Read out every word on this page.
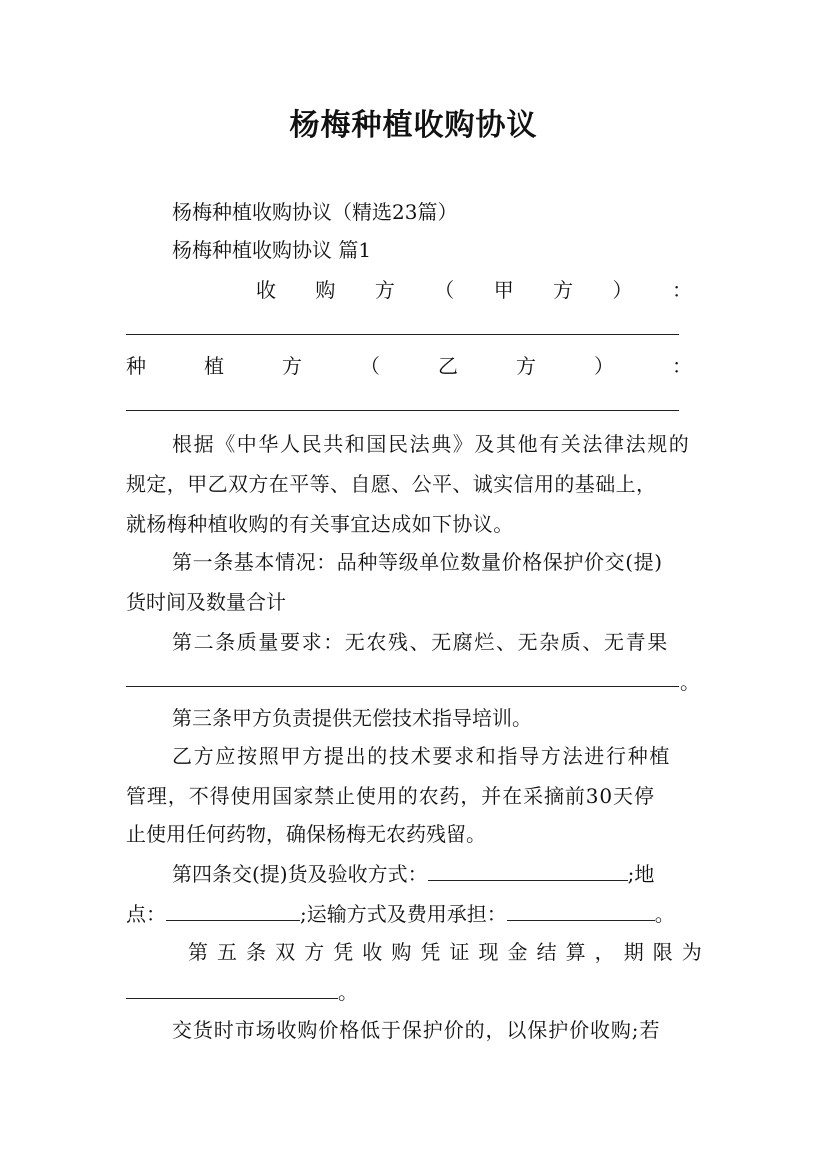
杨梅种植收购协议
杨梅种植收购协议（精选23篇）
杨梅种植收购协议 篇1
收 购 方 （ 甲 方 ） ：
种	植	方	（	乙	方	）	：
根据《中华人民共和国民法典》及其他有关法律法规的
规定，甲乙双方在平等、自愿、公平、诚实信用的基础上，
就杨梅种植收购的有关事宜达成如下协议。
第一条基本情况：品种等级单位数量价格保护价交(提)
货时间及数量合计
第二条质量要求：无农残、无腐烂、无杂质、无青果
。
第三条甲方负责提供无偿技术指导培训。
乙方应按照甲方提出的技术要求和指导方法进行种植
管理，不得使用国家禁止使用的农药，并在采摘前30天停
止使用任何药物，确保杨梅无农药残留。
第四条交(提)货及验收方式：	;地
点：	;运输方式及费用承担：	。
第 五 条 双 方 凭 收 购 凭 证 现 金 结 算 ， 期 限 为
。
交货时市场收购价格低于保护价的，以保护价收购;若
